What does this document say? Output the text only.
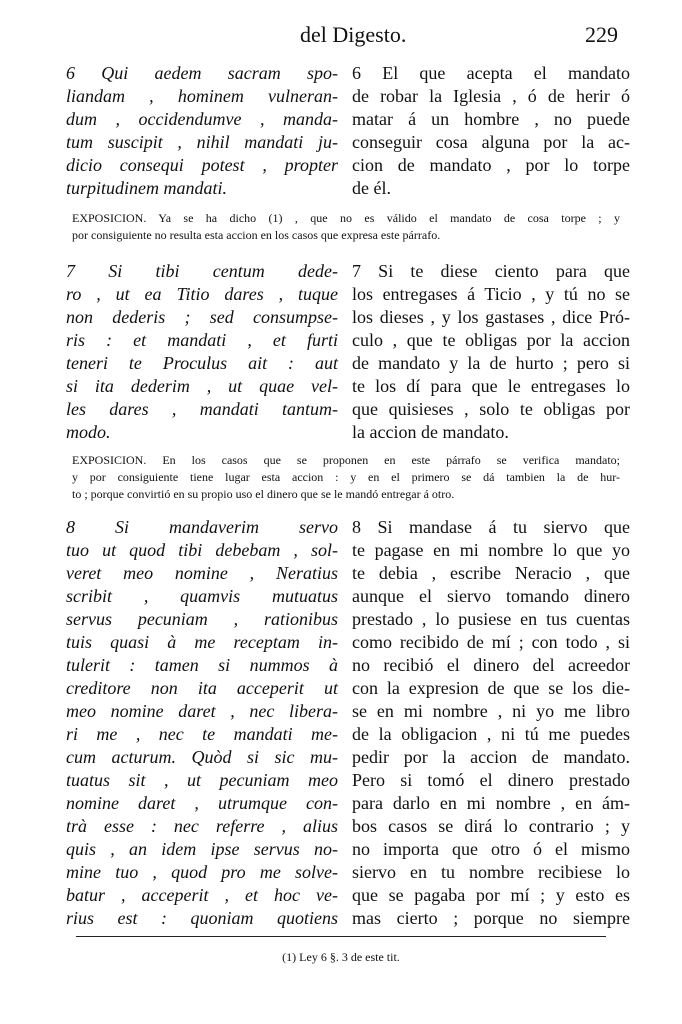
del Digesto.	229
6 Qui aedem sacram spo-
liandam , hominem vulneran-
dum , occidendumve , manda-
tum suscipit , nihil mandati ju-
dicio consequi potest , propter
turpitudinem mandati.
6 El que acepta el mandato
de robar la Iglesia , ó de herir ó
matar á un hombre , no puede
conseguir cosa alguna por la ac-
cion de mandato , por lo torpe
de él.
EXPOSICION. Ya se ha dicho (1) , que no es válido el mandato de cosa torpe ; y
por consiguiente no resulta esta accion en los casos que expresa este párrafo.
7 Si tibi centum dede-
ro , ut ea Titio dares , tuque
non dederis ; sed consumpse-
ris : et mandati , et furti
teneri te Proculus ait : aut
si ita dederim , ut quae vel-
les dares , mandati tantum-
modo.
7 Si te diese ciento para que
los entregases á Ticio , y tú no se
los dieses , y los gastases , dice Pró-
culo , que te obligas por la accion
de mandato y la de hurto ; pero si
te los dí para que le entregases lo
que quisieses , solo te obligas por
la accion de mandato.
EXPOSICION. En los casos que se proponen en este párrafo se verifica mandato;
y por consiguiente tiene lugar esta accion : y en el primero se dá tambien la de hur-
to ; porque convirtió en su propio uso el dinero que se le mandó entregar á otro.
8 Si mandaverim servo
tuo ut quod tibi debebam , sol-
veret meo nomine , Neratius
scribit , quamvis mutuatus
servus pecuniam , rationibus
tuis quasi à me receptam in-
tulerit : tamen si nummos à
creditore non ita acceperit ut
meo nomine daret , nec libera-
ri me , nec te mandati me-
cum acturum. Quòd si sic mu-
tuatus sit , ut pecuniam meo
nomine daret , utrumque con-
trà esse : nec referre , alius
quis , an idem ipse servus no-
mine tuo , quod pro me solve-
batur , acceperit , et hoc ve-
rius est : quoniam quotiens
8 Si mandase á tu siervo que
te pagase en mi nombre lo que yo
te debia , escribe Neracio , que
aunque el siervo tomando dinero
prestado , lo pusiese en tus cuentas
como recibido de mí ; con todo , si
no recibió el dinero del acreedor
con la expresion de que se los die-
se en mi nombre , ni yo me libro
de la obligacion , ni tú me puedes
pedir por la accion de mandato.
Pero si tomó el dinero prestado
para darlo en mi nombre , en ám-
bos casos se dirá lo contrario ; y
no importa que otro ó el mismo
siervo en tu nombre recibiese lo
que se pagaba por mí ; y esto es
mas cierto ; porque no siempre
(1) Ley 6 §. 3 de este tit.
